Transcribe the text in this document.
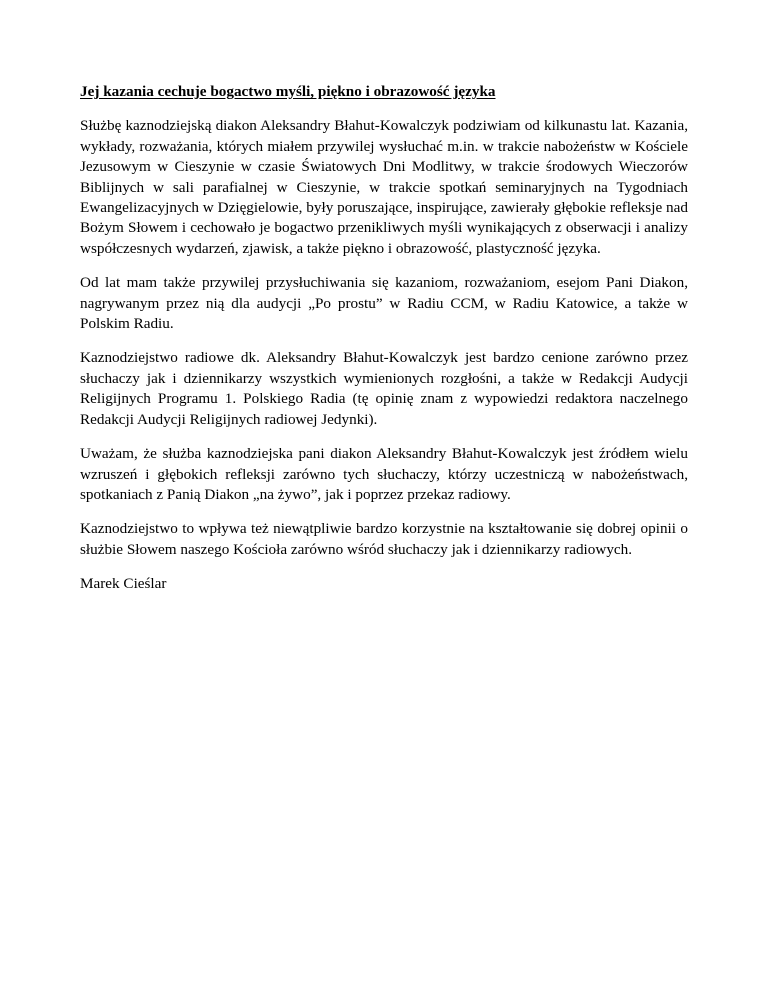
Jej kazania cechuje bogactwo myśli, piękno i obrazowość języka

Służbę kaznodziejską diakon Aleksandry Błahut-Kowalczyk podziwiam od kilkunastu lat. Kazania, wykłady, rozważania, których miałem przywilej wysłuchać m.in. w trakcie nabożeństw w Kościele Jezusowym w Cieszynie w czasie Światowych Dni Modlitwy, w trakcie środowych Wieczorów Biblijnych w sali parafialnej w Cieszynie, w trakcie spotkań seminaryjnych na Tygodniach Ewangelizacyjnych w Dzięgielowie, były poruszające, inspirujące, zawierały głębokie refleksje nad Bożym Słowem i cechowało je bogactwo przenikliwych myśli wynikających z obserwacji i analizy współczesnych wydarzeń, zjawisk, a także piękno i obrazowość, plastyczność języka.

Od lat mam także przywilej przysłuchiwania się kazaniom, rozważaniom, esejom Pani Diakon, nagrywanym przez nią dla audycji „Po prostu” w Radiu CCM, w Radiu Katowice, a także w Polskim Radiu.

Kaznodziejstwo radiowe dk. Aleksandry Błahut-Kowalczyk jest bardzo cenione zarówno przez słuchaczy jak i dziennikarzy wszystkich wymienionych rozgłośni, a także w Redakcji Audycji Religijnych Programu 1. Polskiego Radia (tę opinię znam z wypowiedzi redaktora naczelnego Redakcji Audycji Religijnych radiowej Jedynki).

Uważam, że służba kaznodziejska pani diakon Aleksandry Błahut-Kowalczyk jest źródłem wielu wzruszeń i głębokich refleksji zarówno tych słuchaczy, którzy uczestniczą w nabożeństwach, spotkaniach z Panią Diakon „na żywo”, jak i poprzez przekaz radiowy.

Kaznodziejstwo to wpływa też niewątpliwie bardzo korzystnie na kształtowanie się dobrej opinii o służbie Słowem naszego Kościoła zarówno wśród słuchaczy jak i dziennikarzy radiowych.

Marek Cieślar
